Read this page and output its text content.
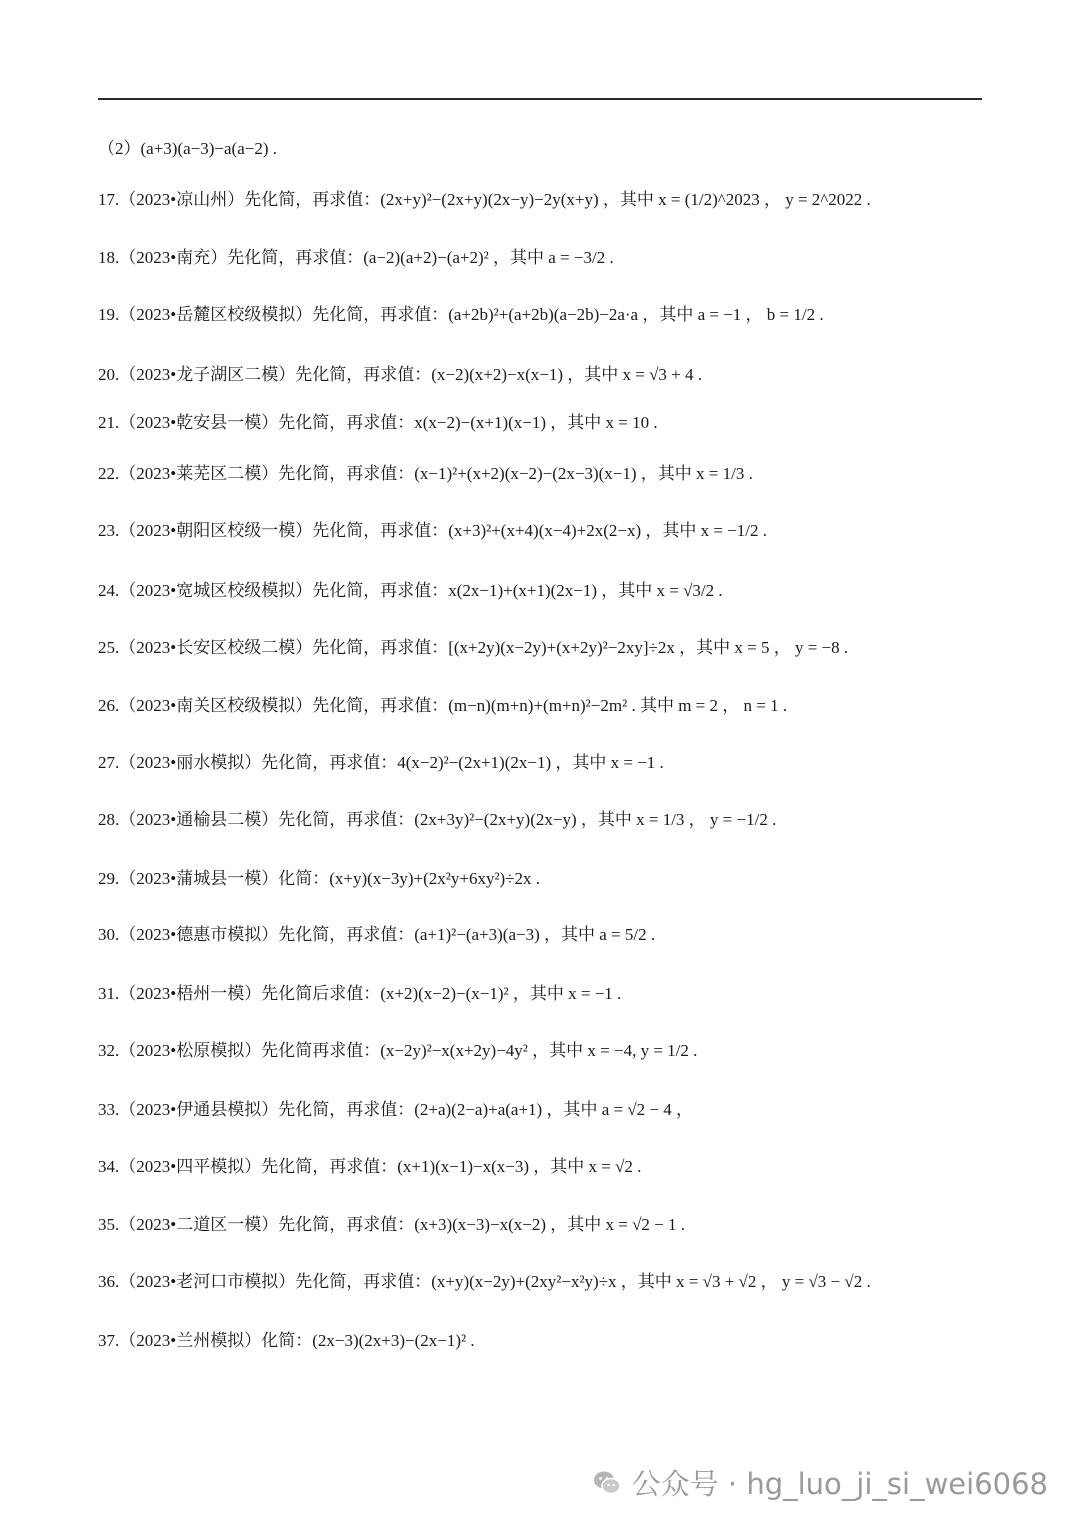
（2）(a+3)(a−3)−a(a−2) .
17.（2023•凉山州）先化简，再求值：(2x+y)²−(2x+y)(2x−y)−2y(x+y) ，其中 x = (1/2)^2023 ， y = 2^2022 .
18.（2023•南充）先化简，再求值：(a−2)(a+2)−(a+2)² ，其中 a = −3/2 .
19.（2023•岳麓区校级模拟）先化简，再求值：(a+2b)²+(a+2b)(a−2b)−2a·a ，其中 a = −1 ， b = 1/2 .
20.（2023•龙子湖区二模）先化简，再求值：(x−2)(x+2)−x(x−1) ，其中 x = √3 + 4 .
21.（2023•乾安县一模）先化简，再求值：x(x−2)−(x+1)(x−1) ，其中 x = 10 .
22.（2023•莱芜区二模）先化简，再求值：(x−1)²+(x+2)(x−2)−(2x−3)(x−1) ，其中 x = 1/3 .
23.（2023•朝阳区校级一模）先化简，再求值：(x+3)²+(x+4)(x−4)+2x(2−x) ，其中 x = −1/2 .
24.（2023•宽城区校级模拟）先化简，再求值：x(2x−1)+(x+1)(2x−1) ，其中 x = √3/2 .
25.（2023•长安区校级二模）先化简，再求值：[(x+2y)(x−2y)+(x+2y)²−2xy]÷2x ，其中 x = 5 ， y = −8 .
26.（2023•南关区校级模拟）先化简，再求值：(m−n)(m+n)+(m+n)²−2m² . 其中 m = 2 ， n = 1 .
27.（2023•丽水模拟）先化简，再求值：4(x−2)²−(2x+1)(2x−1) ，其中 x = −1 .
28.（2023•通榆县二模）先化简，再求值：(2x+3y)²−(2x+y)(2x−y) ，其中 x = 1/3 ， y = −1/2 .
29.（2023•蒲城县一模）化简：(x+y)(x−3y)+(2x²y+6xy²)÷2x .
30.（2023•德惠市模拟）先化简，再求值：(a+1)²−(a+3)(a−3) ，其中 a = 5/2 .
31.（2023•梧州一模）先化简后求值：(x+2)(x−2)−(x−1)² ，其中 x = −1 .
32.（2023•松原模拟）先化简再求值：(x−2y)²−x(x+2y)−4y² ，其中 x = −4, y = 1/2 .
33.（2023•伊通县模拟）先化简，再求值：(2+a)(2−a)+a(a+1) ，其中 a = √2 − 4 ，
34.（2023•四平模拟）先化简，再求值：(x+1)(x−1)−x(x−3) ，其中 x = √2 .
35.（2023•二道区一模）先化简，再求值：(x+3)(x−3)−x(x−2) ，其中 x = √2 − 1 .
36.（2023•老河口市模拟）先化简，再求值：(x+y)(x−2y)+(2xy²−x²y)÷x ，其中 x = √3 + √2 ， y = √3 − √2 .
37.（2023•兰州模拟）化简：(2x−3)(2x+3)−(2x−1)² .
公众号 · hg_luo_ji_si_wei6068
